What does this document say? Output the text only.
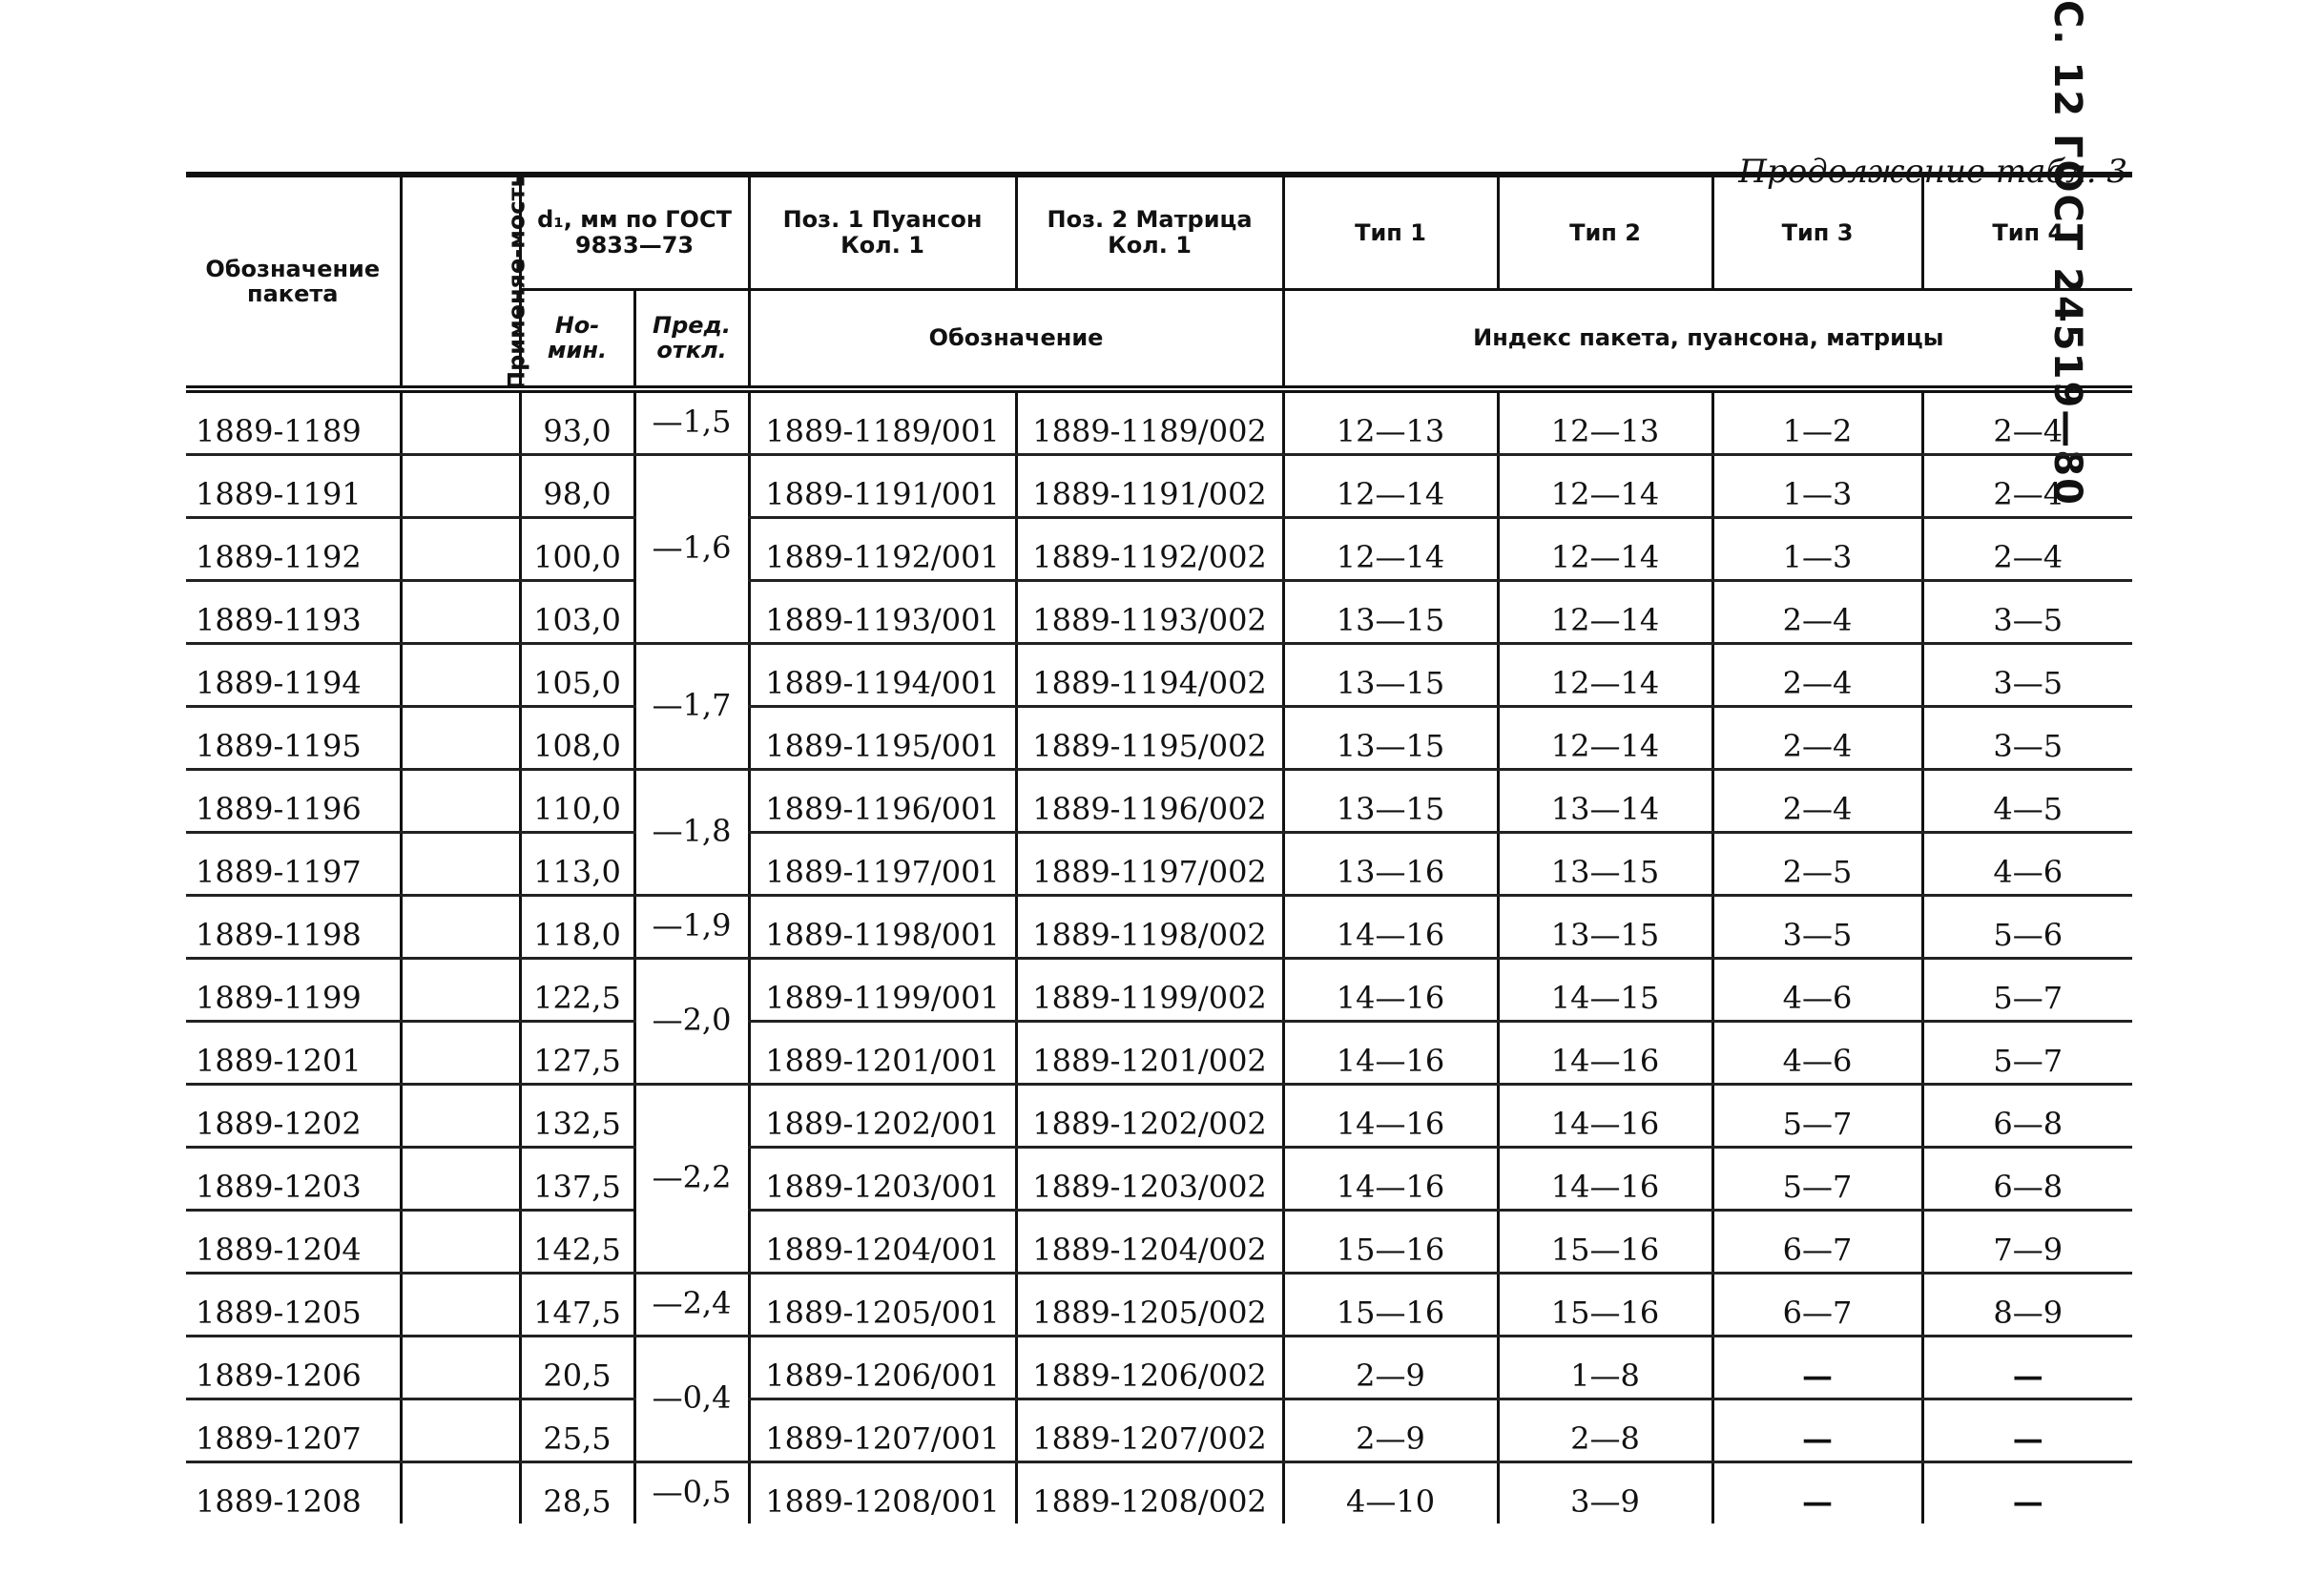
С. 12 ГОСТ 24519—80
Продолжение табл. 3
Обозначение пакета	Применяе-мость	d₁, мм по ГОСТ 9833—73		Поз. 1 Пуансон Кол. 1	Поз. 2 Матрица Кол. 1	Тип 1	Тип 2	Тип 3	Тип 4
		Но-мин.	Пред. откл.	Обозначение		Индекс пакета, пуансона, матрицы			
1889-1189		93,0	—1,5	1889-1189/001	1889-1189/002	12—13	12—13	1—2	2—4
1889-1191		98,0	—1,6	1889-1191/001	1889-1191/002	12—14	12—14	1—3	2—4
1889-1192		100,0		1889-1192/001	1889-1192/002	12—14	12—14	1—3	2—4
1889-1193		103,0		1889-1193/001	1889-1193/002	13—15	12—14	2—4	3—5
1889-1194		105,0	—1,7	1889-1194/001	1889-1194/002	13—15	12—14	2—4	3—5
1889-1195		108,0		1889-1195/001	1889-1195/002	13—15	12—14	2—4	3—5
1889-1196		110,0	—1,8	1889-1196/001	1889-1196/002	13—15	13—14	2—4	4—5
1889-1197		113,0		1889-1197/001	1889-1197/002	13—16	13—15	2—5	4—6
1889-1198		118,0	—1,9	1889-1198/001	1889-1198/002	14—16	13—15	3—5	5—6
1889-1199		122,5	—2,0	1889-1199/001	1889-1199/002	14—16	14—15	4—6	5—7
1889-1201		127,5		1889-1201/001	1889-1201/002	14—16	14—16	4—6	5—7
1889-1202		132,5	—2,2	1889-1202/001	1889-1202/002	14—16	14—16	5—7	6—8
1889-1203		137,5		1889-1203/001	1889-1203/002	14—16	14—16	5—7	6—8
1889-1204		142,5		1889-1204/001	1889-1204/002	15—16	15—16	6—7	7—9
1889-1205		147,5	—2,4	1889-1205/001	1889-1205/002	15—16	15—16	6—7	8—9
1889-1206		20,5	—0,4	1889-1206/001	1889-1206/002	2—9	1—8	—	—
1889-1207		25,5		1889-1207/001	1889-1207/002	2—9	2—8	—	—
1889-1208		28,5	—0,5	1889-1208/001	1889-1208/002	4—10	3—9	—	—
